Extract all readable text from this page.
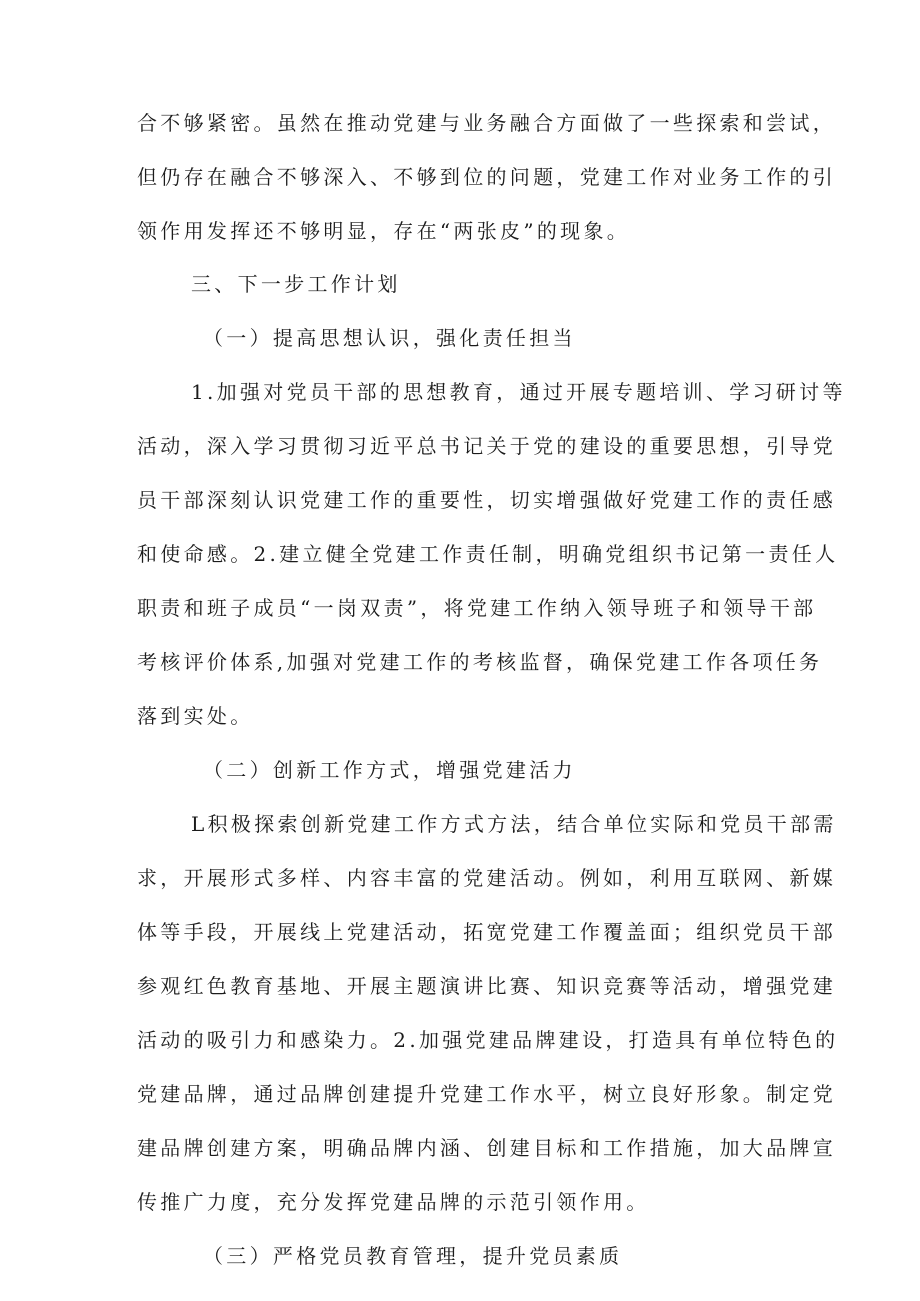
合不够紧密。虽然在推动党建与业务融合方面做了一些探索和尝试，
但仍存在融合不够深入、不够到位的问题，党建工作对业务工作的引
领作用发挥还不够明显，存在“两张皮”的现象。
三、下一步工作计划
（一）提高思想认识，强化责任担当
1.加强对党员干部的思想教育，通过开展专题培训、学习研讨等
活动，深入学习贯彻习近平总书记关于党的建设的重要思想，引导党
员干部深刻认识党建工作的重要性，切实增强做好党建工作的责任感
和使命感。2.建立健全党建工作责任制，明确党组织书记第一责任人
职责和班子成员“一岗双责”，将党建工作纳入领导班子和领导干部
考核评价体系,加强对党建工作的考核监督，确保党建工作各项任务
落到实处。
（二）创新工作方式，增强党建活力
L积极探索创新党建工作方式方法，结合单位实际和党员干部需
求，开展形式多样、内容丰富的党建活动。例如，利用互联网、新媒
体等手段，开展线上党建活动，拓宽党建工作覆盖面；组织党员干部
参观红色教育基地、开展主题演讲比赛、知识竞赛等活动，增强党建
活动的吸引力和感染力。2.加强党建品牌建设，打造具有单位特色的
党建品牌，通过品牌创建提升党建工作水平，树立良好形象。制定党
建品牌创建方案，明确品牌内涵、创建目标和工作措施，加大品牌宣
传推广力度，充分发挥党建品牌的示范引领作用。
（三）严格党员教育管理，提升党员素质
